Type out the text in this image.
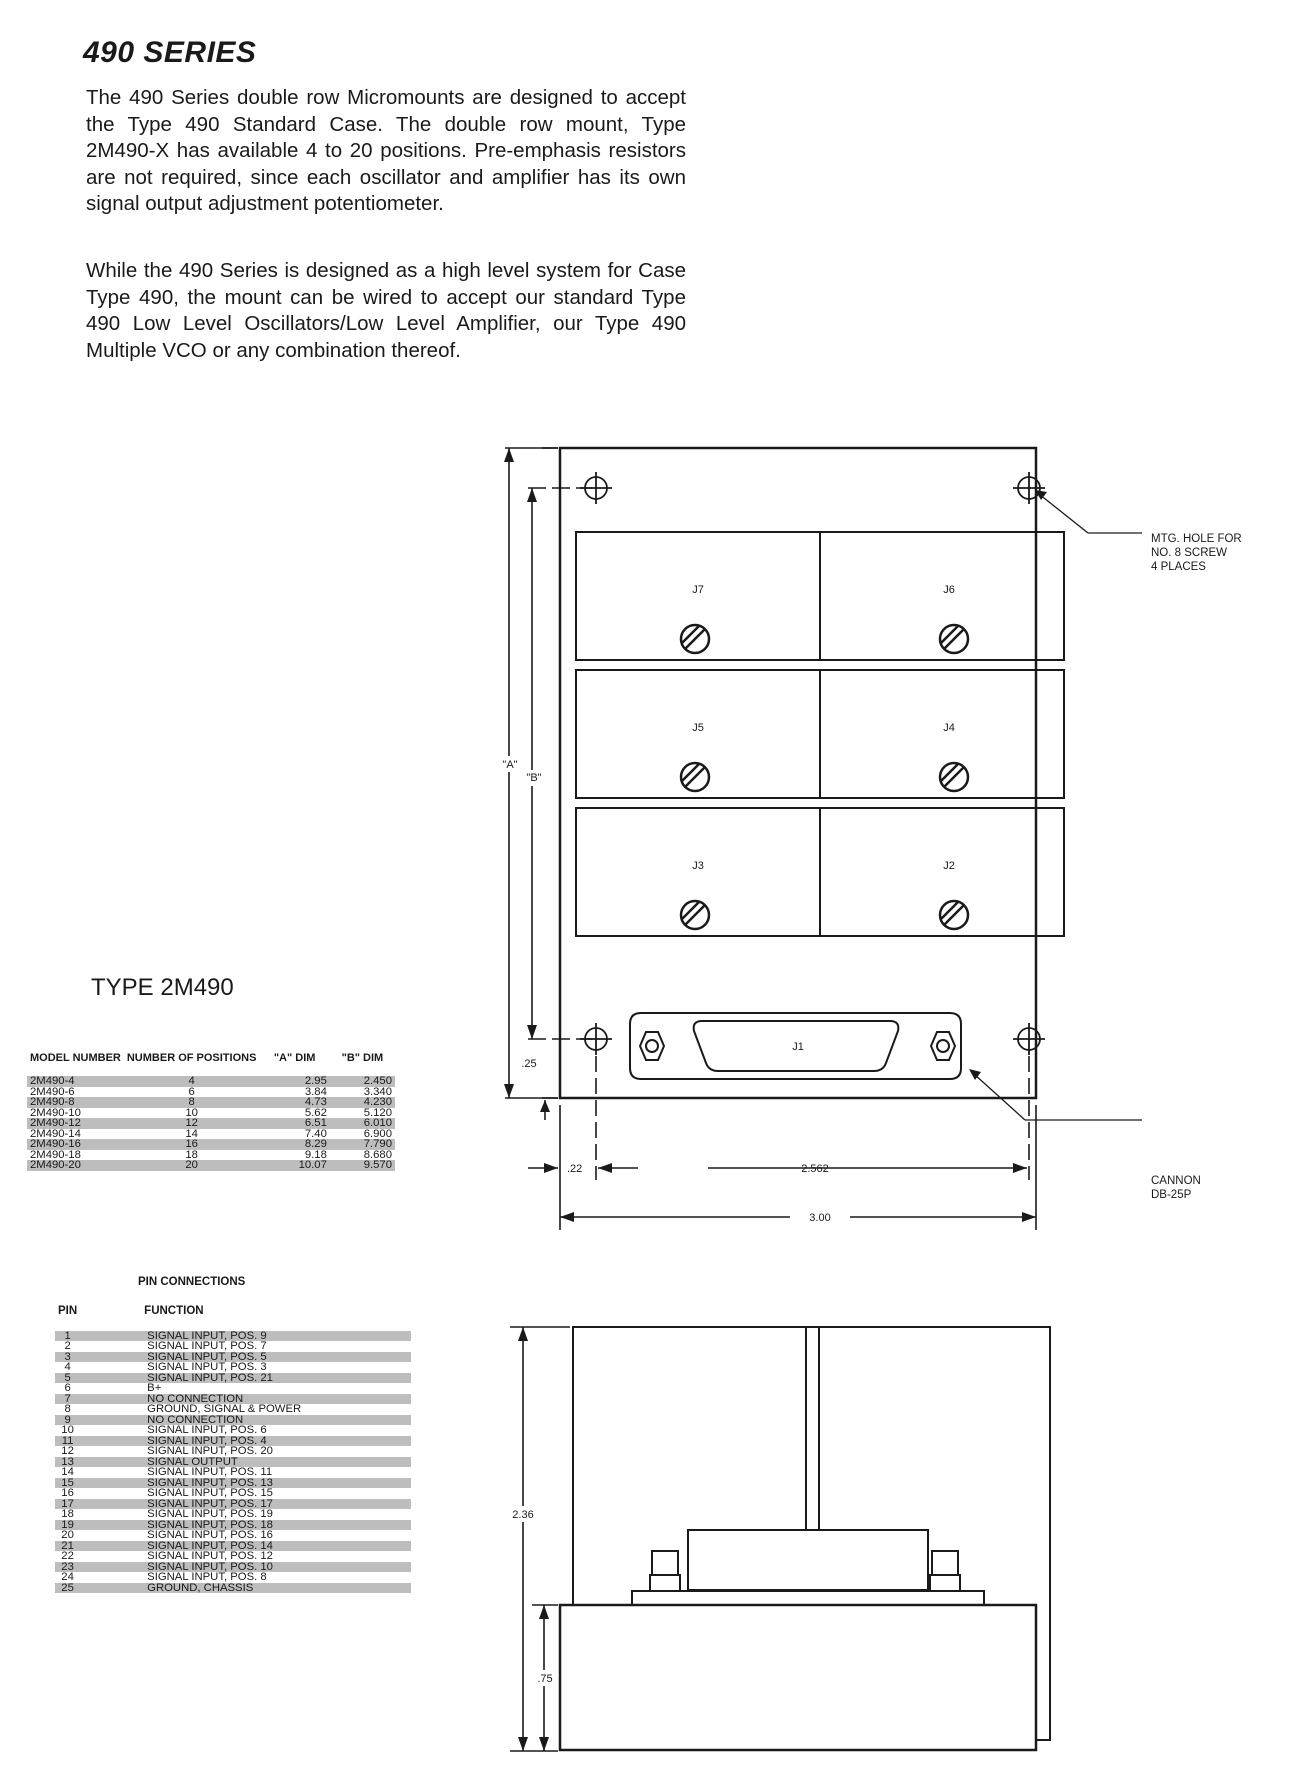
490 SERIES

The 490 Series double row Micromounts are designed to accept the Type 490 Standard Case. The double row mount, Type 2M490-X has available 4 to 20 positions. Pre-emphasis resistors are not required, since each oscillator and amplifier has its own signal output adjustment potentiometer.

While the 490 Series is designed as a high level system for Case Type 490, the mount can be wired to accept our standard Type 490 Low Level Oscillators/Low Level Amplifier, our Type 490 Multiple VCO or any combination thereof.

TYPE 2M490
MODEL NUMBER	NUMBER OF POSITIONS	"A" DIM	"B" DIM
2M490-4	4	2.95	2.450
2M490-6	6	3.84	3.340
2M490-8	8	4.73	4.230
2M490-10	10	5.62	5.120
2M490-12	12	6.51	6.010
2M490-14	14	7.40	6.900
2M490-16	16	8.29	7.790
2M490-18	18	9.18	8.680
2M490-20	20	10.07	9.570
PIN CONNECTIONS
PIN	FUNCTION
1	SIGNAL INPUT, POS. 9
2	SIGNAL INPUT, POS. 7
3	SIGNAL INPUT, POS. 5
4	SIGNAL INPUT, POS. 3
5	SIGNAL INPUT, POS. 21
6	B+
7	NO CONNECTION
8	GROUND, SIGNAL & POWER
9	NO CONNECTION
10	SIGNAL INPUT, POS. 6
11	SIGNAL INPUT, POS. 4
12	SIGNAL INPUT, POS. 20
13	SIGNAL OUTPUT
14	SIGNAL INPUT, POS. 11
15	SIGNAL INPUT, POS. 13
16	SIGNAL INPUT, POS. 15
17	SIGNAL INPUT, POS. 17
18	SIGNAL INPUT, POS. 19
19	SIGNAL INPUT, POS. 18
20	SIGNAL INPUT, POS. 16
21	SIGNAL INPUT, POS. 14
22	SIGNAL INPUT, POS. 12
23	SIGNAL INPUT, POS. 10
24	SIGNAL INPUT, POS. 8
25	GROUND, CHASSIS
J7	J6
J5	J4
J3	J2
J1
"A"
"B"
.25
.22	2.562
3.00
MTG. HOLE FOR
NO. 8 SCREW
4 PLACES
CANNON
DB-25P
2.36
.75
